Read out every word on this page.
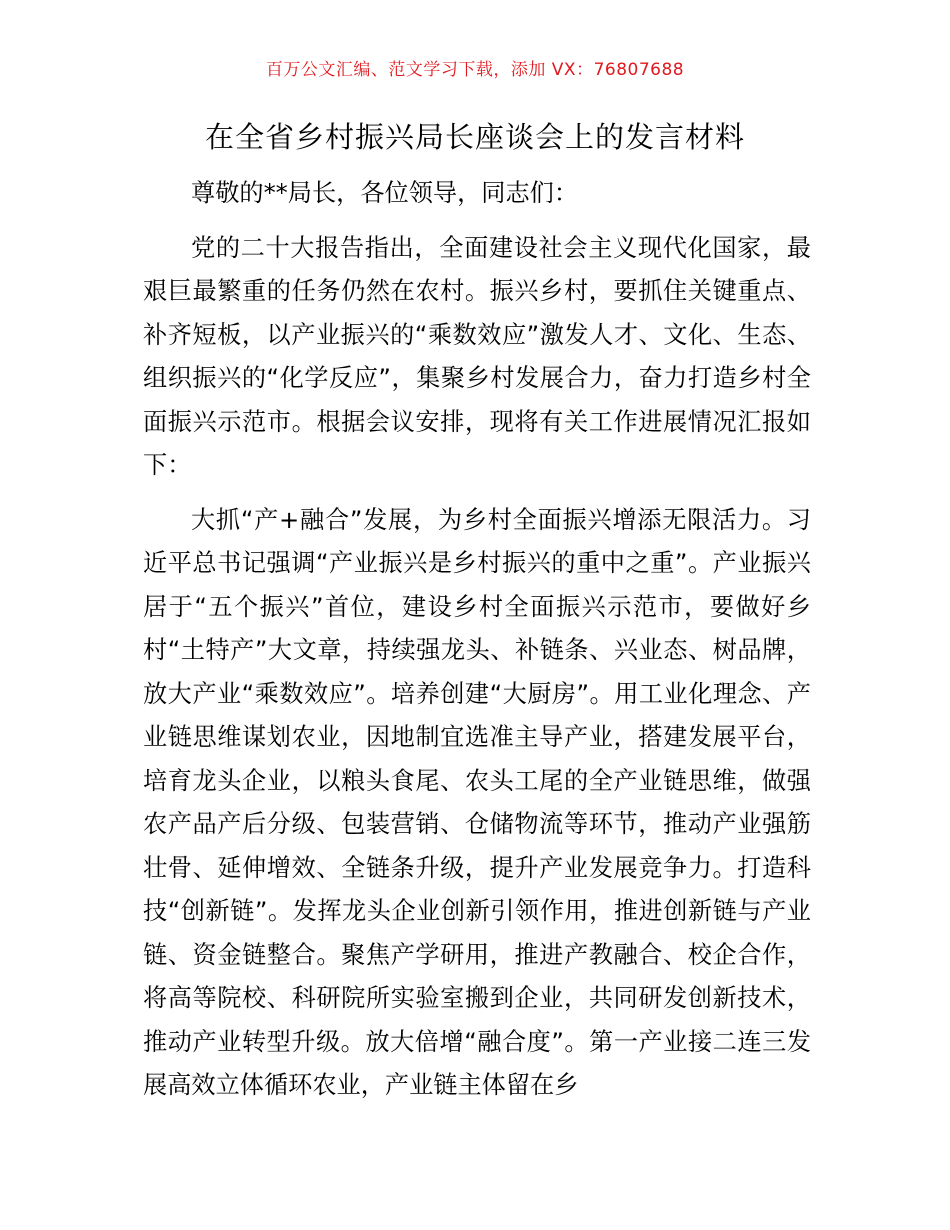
百万公文汇编、范文学习下载，添加 VX：76807688
在全省乡村振兴局长座谈会上的发言材料

尊敬的**局长，各位领导，同志们：

党的二十大报告指出，全面建设社会主义现代化国家，最艰巨最繁重的任务仍然在农村。振兴乡村，要抓住关键重点、补齐短板，以产业振兴的“乘数效应”激发人才、文化、生态、组织振兴的“化学反应”，集聚乡村发展合力，奋力打造乡村全面振兴示范市。根据会议安排，现将有关工作进展情况汇报如下：

大抓“产+融合”发展，为乡村全面振兴增添无限活力。习近平总书记强调“产业振兴是乡村振兴的重中之重”。产业振兴居于“五个振兴”首位，建设乡村全面振兴示范市，要做好乡村“土特产”大文章，持续强龙头、补链条、兴业态、树品牌，放大产业“乘数效应”。培养创建“大厨房”。用工业化理念、产业链思维谋划农业，因地制宜选准主导产业，搭建发展平台，培育龙头企业，以粮头食尾、农头工尾的全产业链思维，做强农产品产后分级、包装营销、仓储物流等环节，推动产业强筋壮骨、延伸增效、全链条升级，提升产业发展竞争力。打造科技“创新链”。发挥龙头企业创新引领作用，推进创新链与产业链、资金链整合。聚焦产学研用，推进产教融合、校企合作，将高等院校、科研院所实验室搬到企业，共同研发创新技术，推动产业转型升级。放大倍增“融合度”。第一产业接二连三发展高效立体循环农业，产业链主体留在乡
